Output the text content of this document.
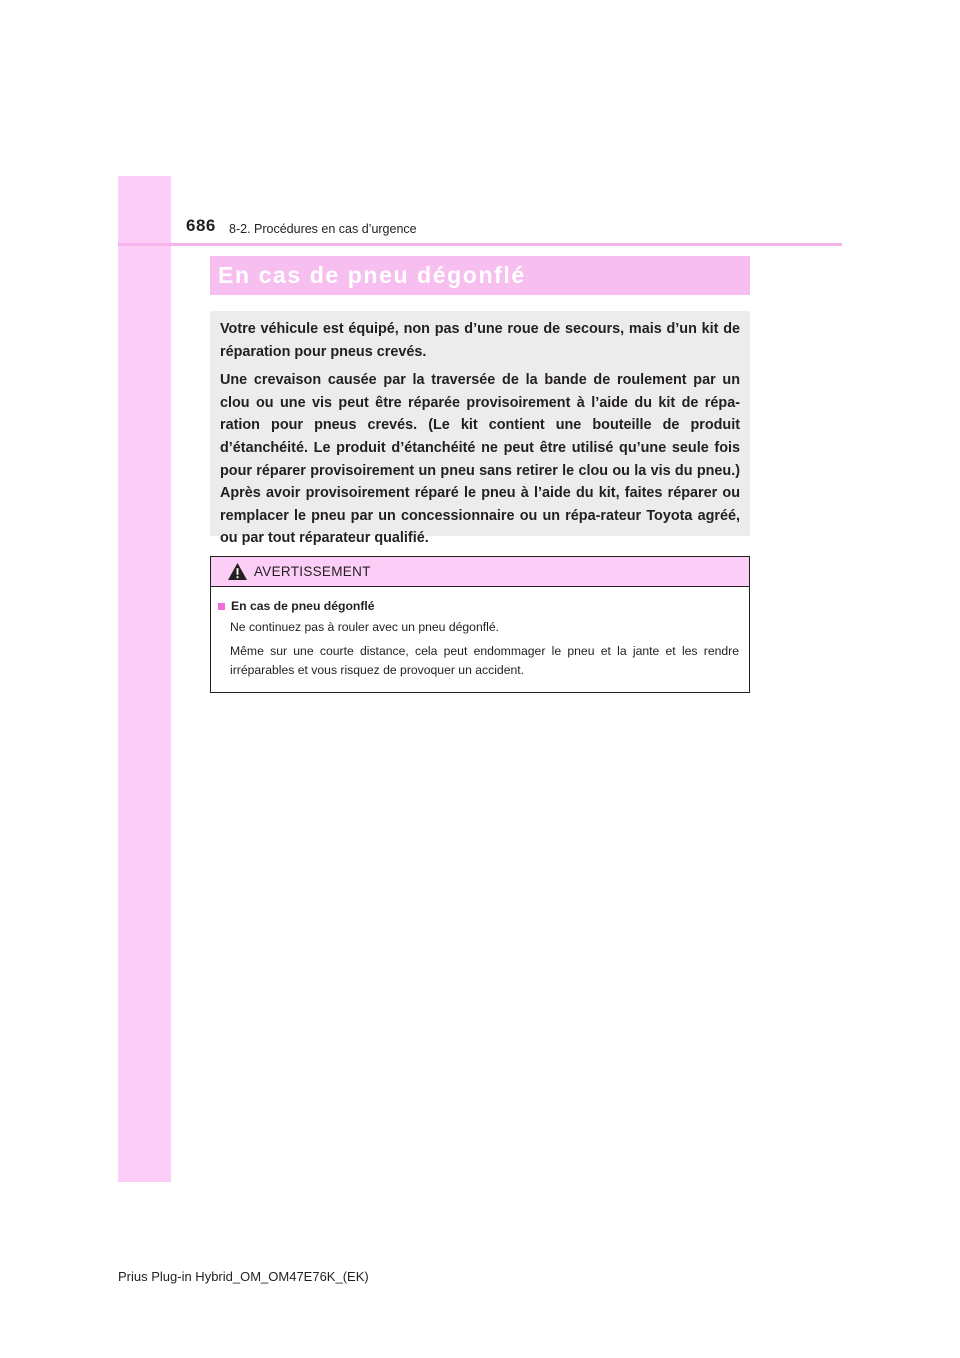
686 8-2. Procédures en cas d’urgence
En cas de pneu dégonflé

Votre véhicule est équipé, non pas d’une roue de secours, mais d’un kit de réparation pour pneus crevés.

Une crevaison causée par la traversée de la bande de roulement par un clou ou une vis peut être réparée provisoirement à l’aide du kit de répa-ration pour pneus crevés. (Le kit contient une bouteille de produit d’étanchéité. Le produit d’étanchéité ne peut être utilisé qu’une seule fois pour réparer provisoirement un pneu sans retirer le clou ou la vis du pneu.) Après avoir provisoirement réparé le pneu à l’aide du kit, faites réparer ou remplacer le pneu par un concessionnaire ou un répa-rateur Toyota agréé, ou par tout réparateur qualifié.

AVERTISSEMENT
En cas de pneu dégonflé

Ne continuez pas à rouler avec un pneu dégonflé.

Même sur une courte distance, cela peut endommager le pneu et la jante et les rendre irréparables et vous risquez de provoquer un accident.

Prius Plug-in Hybrid_OM_OM47E76K_(EK)
